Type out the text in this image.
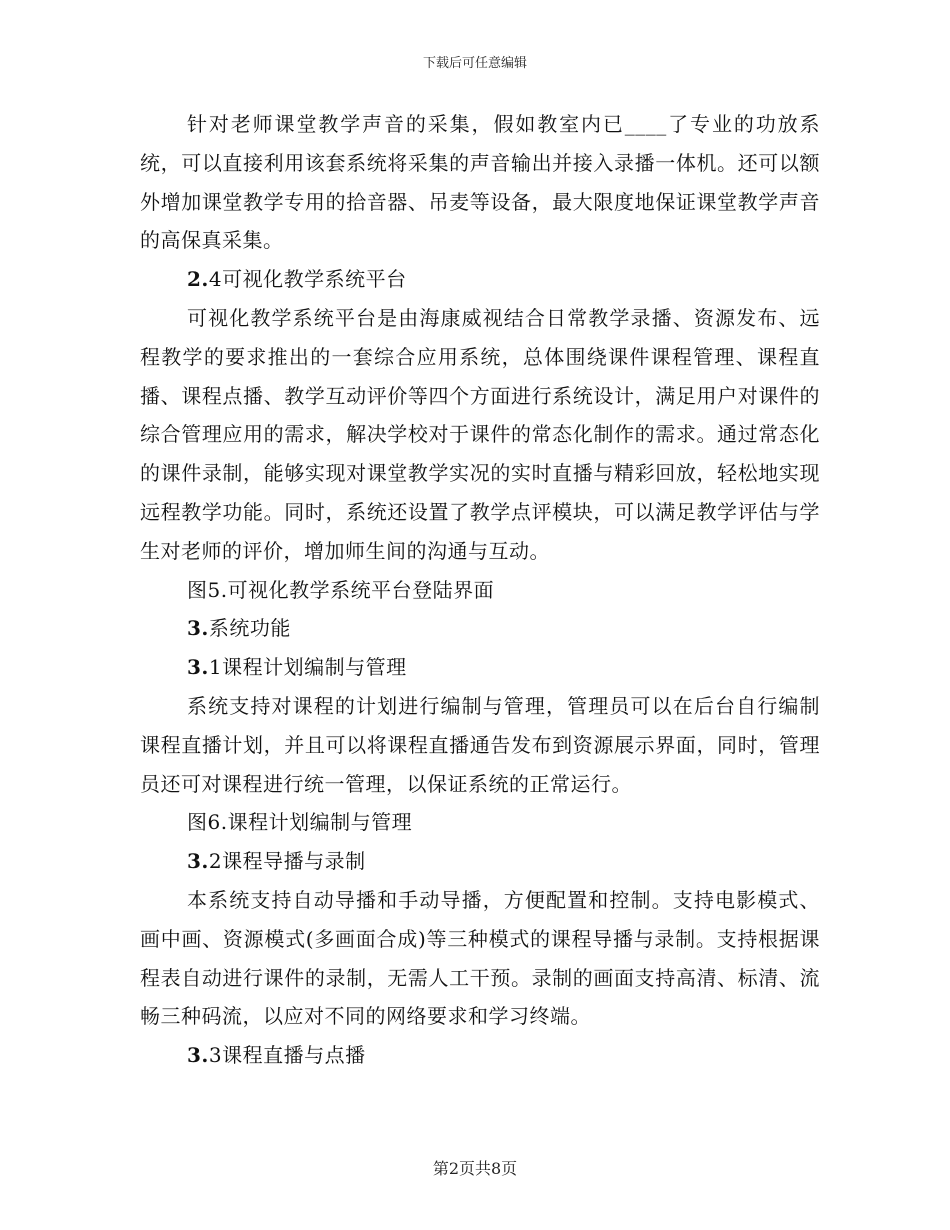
下载后可任意编辑

针对老师课堂教学声音的采集，假如教室内已____了专业的功放系统，可以直接利用该套系统将采集的声音输出并接入录播一体机。还可以额外增加课堂教学专用的拾音器、吊麦等设备，最大限度地保证课堂教学声音的高保真采集。

2.4可视化教学系统平台

可视化教学系统平台是由海康威视结合日常教学录播、资源发布、远程教学的要求推出的一套综合应用系统，总体围绕课件课程管理、课程直播、课程点播、教学互动评价等四个方面进行系统设计，满足用户对课件的综合管理应用的需求，解决学校对于课件的常态化制作的需求。通过常态化的课件录制，能够实现对课堂教学实况的实时直播与精彩回放，轻松地实现远程教学功能。同时，系统还设置了教学点评模块，可以满足教学评估与学生对老师的评价，增加师生间的沟通与互动。

图5.可视化教学系统平台登陆界面

3.系统功能

3.1课程计划编制与管理

系统支持对课程的计划进行编制与管理，管理员可以在后台自行编制课程直播计划，并且可以将课程直播通告发布到资源展示界面，同时，管理员还可对课程进行统一管理，以保证系统的正常运行。

图6.课程计划编制与管理

3.2课程导播与录制

本系统支持自动导播和手动导播，方便配置和控制。支持电影模式、画中画、资源模式(多画面合成)等三种模式的课程导播与录制。支持根据课程表自动进行课件的录制，无需人工干预。录制的画面支持高清、标清、流畅三种码流，以应对不同的网络要求和学习终端。

3.3课程直播与点播

第2页共8页
